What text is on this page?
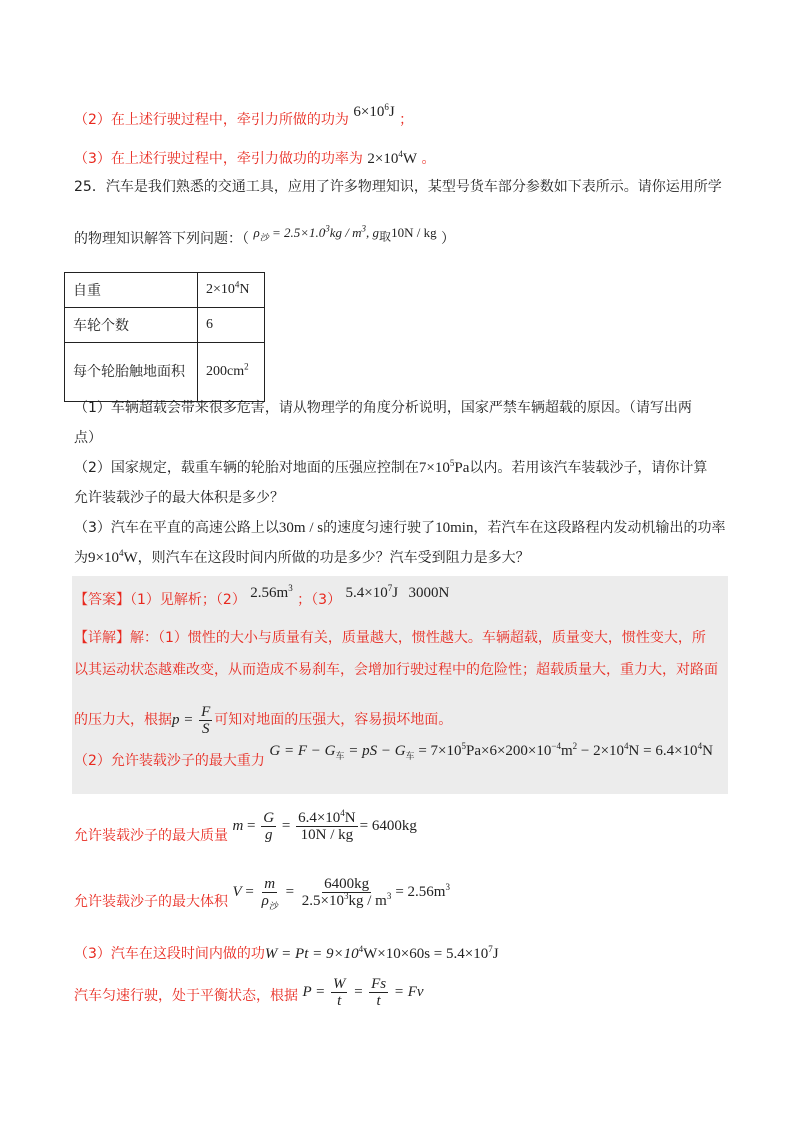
（2）在上述行驶过程中，牵引力所做的功为 $6\times 10^6J$ ；
（3）在上述行驶过程中，牵引力做功的功率为 $2\times 10^4W$ 。
25．汽车是我们熟悉的交通工具，应用了许多物理知识，某型号货车部分参数如下表所示。请你运用所学
的物理知识解答下列问题：（ $\rho_沙 = 2.5\times 1.0^3kg / m^3$, $g_取10N$ / kg ）
自重	$2\times 10^4N$
车轮个数	6
每个轮胎触地面积	$200cm^2$
（1）车辆超载会带来很多危害，请从物理学的角度分析说明，国家严禁车辆超载的原因。（请写出两
点）
（2）国家规定，载重车辆的轮胎对地面的压强应控制在$7\times 10^5Pa$以内。若用该汽车装载沙子，请你计算
允许装载沙子的最大体积是多少？
（3）汽车在平直的高速公路上以30m / s的速度匀速行驶了10min，若汽车在这段路程内发动机输出的功率
为$9\times 10^4W$，则汽车在这段时间内所做的功是多少？汽车受到阻力是多大？
【答案】（1）见解析；（2） $2.56m^3$ ；（3） $5.4\times 10^7J$ 3000N
【详解】解：（1）惯性的大小与质量有关，质量越大，惯性越大。车辆超载，质量变大，惯性变大，所
以其运动状态越难改变，从而造成不易刹车，会增加行驶过程中的危险性；超载质量大，重力大，对路面
的压力大，根据$p = \frac{F}{S}$ 可知对地面的压强大，容易损坏地面。
（2）允许装载沙子的最大重力 $G = F - G_车$ = pS − $G_车 = 7\times 10^5Pa\times 6\times 200\times 10^{-4}m^2 - 2\times 10^4N = 6.4\times 10^4N$
允许装载沙子的最大质量 $m = \frac{G}{g} = \frac{6.4\times 10^4N}{10N / kg} = 6400kg$
允许装载沙子的最大体积 $V = \frac{m}{\rho_沙} = \frac{6400kg}{2.5\times 10^3kg / m^3} = 2.56m^3$
（3）汽车在这段时间内做的功$W = Pt = 9\times 10^4W\times 10\times 60s = 5.4\times 10^7J$
汽车匀速行驶，处于平衡状态，根据 $P = \frac{W}{t} = \frac{Fs}{t} = Fv$
